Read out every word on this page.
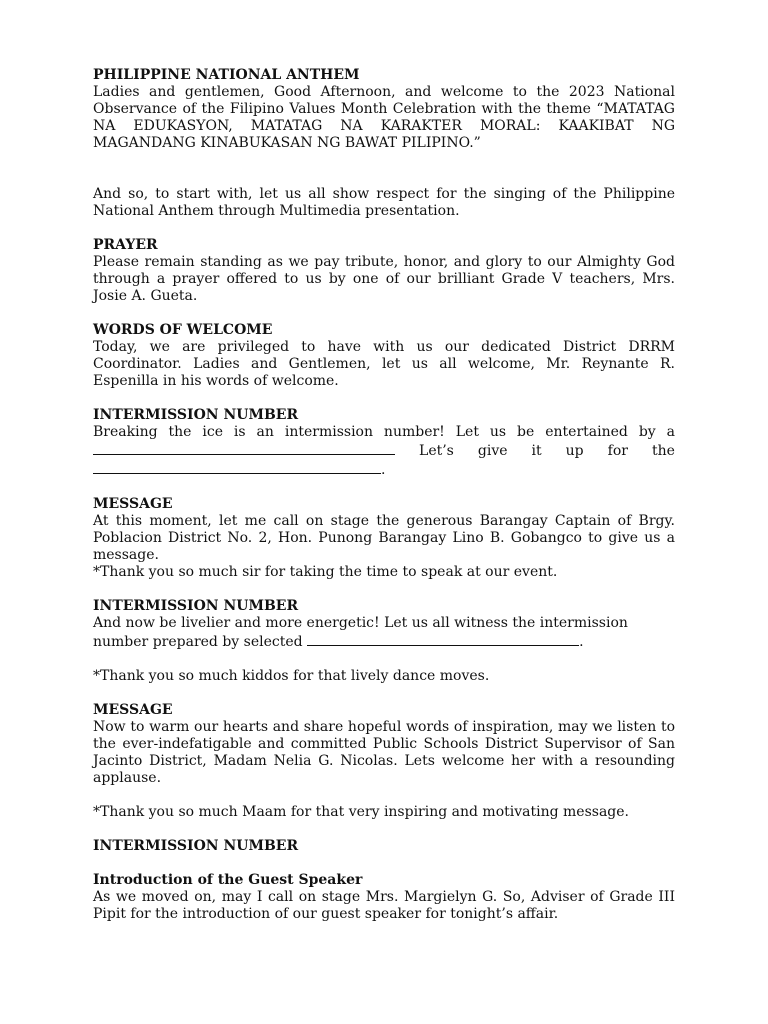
PHILIPPINE NATIONAL ANTHEM

Ladies and gentlemen, Good Afternoon, and welcome to the 2023 National Observance of the Filipino Values Month Celebration with the theme “MATATAG NA EDUKASYON, MATATAG NA KARAKTER MORAL: KAAKIBAT NG MAGANDANG KINABUKASAN NG BAWAT PILIPINO.”

And so, to start with, let us all show respect for the singing of the Philippine National Anthem through Multimedia presentation.

PRAYER

Please remain standing as we pay tribute, honor, and glory to our Almighty God through a prayer offered to us by one of our brilliant Grade V teachers, Mrs. Josie A. Gueta.

WORDS OF WELCOME

Today, we are privileged to have with us our dedicated District DRRM Coordinator. Ladies and Gentlemen, let us all welcome, Mr. Reynante R. Espenilla in his words of welcome.

INTERMISSION NUMBER

Breaking the ice is an intermission number! Let us be entertained by a

Let’s give it up for the
.
MESSAGE

At this moment, let me call on stage the generous Barangay Captain of Brgy. Poblacion District No. 2, Hon. Punong Barangay Lino B. Gobangco to give us a message.

*Thank you so much sir for taking the time to speak at our event.

INTERMISSION NUMBER

And now be livelier and more energetic! Let us all witness the intermission

number prepared by selected	.

*Thank you so much kiddos for that lively dance moves.

MESSAGE

Now to warm our hearts and share hopeful words of inspiration, may we listen to the ever-indefatigable and committed Public Schools District Supervisor of San Jacinto District, Madam Nelia G. Nicolas. Lets welcome her with a resounding applause.

*Thank you so much Maam for that very inspiring and motivating message.

INTERMISSION NUMBER
Introduction of the Guest Speaker

As we moved on, may I call on stage Mrs. Margielyn G. So, Adviser of Grade III Pipit for the introduction of our guest speaker for tonight’s affair.
